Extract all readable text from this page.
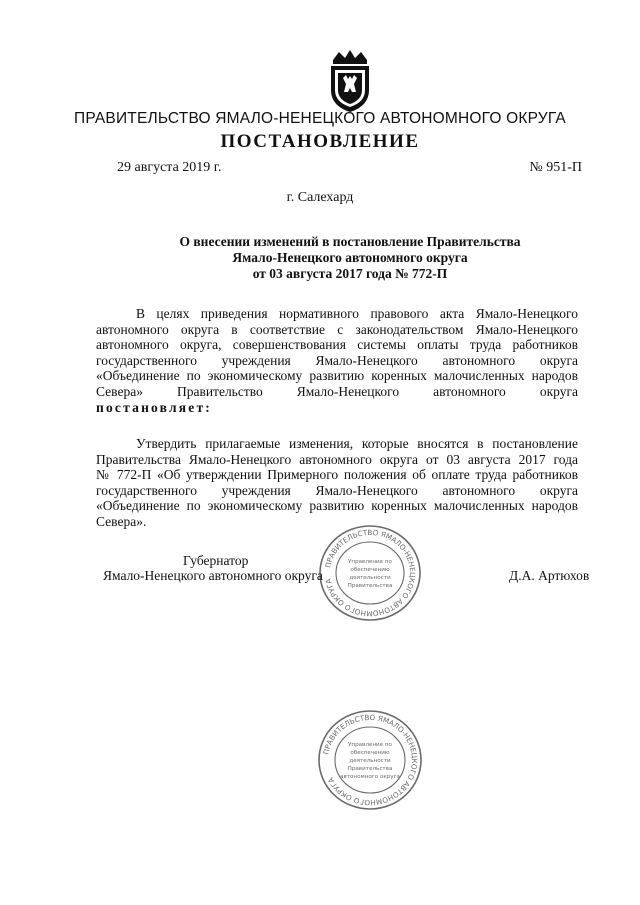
ПРАВИТЕЛЬСТВО ЯМАЛО-НЕНЕЦКОГО АВТОНОМНОГО ОКРУГА
ПОСТАНОВЛЕНИЕ
29 августа 2019 г.	№ 951-П
г. Салехард
О внесении изменений в постановление Правительства
Ямало-Ненецкого автономного округа
от 03 августа 2017 года № 772-П
В целях приведения нормативного правового акта Ямало-Ненецкого
автономного округа в соответствие с законодательством Ямало-Ненецкого
автономного округа, совершенствования системы оплаты труда работников
государственного учреждения Ямало-Ненецкого автономного округа
«Объединение по экономическому развитию коренных малочисленных народов
Севера» Правительство Ямало-Ненецкого автономного округа
постановляет:
Утвердить прилагаемые изменения, которые вносятся в постановление
Правительства Ямало-Ненецкого автономного округа от 03 августа 2017 года
№ 772-П «Об утверждении Примерного положения об оплате труда работников
государственного учреждения Ямало-Ненецкого автономного округа
«Объединение по экономическому развитию коренных малочисленных народов
Севера».
ПРАВИТЕЛЬСТВО ЯМАЛО-НЕНЕЦКОГО АВТОНОМНОГО ОКРУГА
Управление по
обеспечению
деятельности
Правительства
Губернатор
Ямало-Ненецкого автономного округа	Д.А. Артюхов
ПРАВИТЕЛЬСТВО ЯМАЛО-НЕНЕЦКОГО АВТОНОМНОГО ОКРУГА
Управление по
обеспечению
деятельности
Правительства
автономного округа
